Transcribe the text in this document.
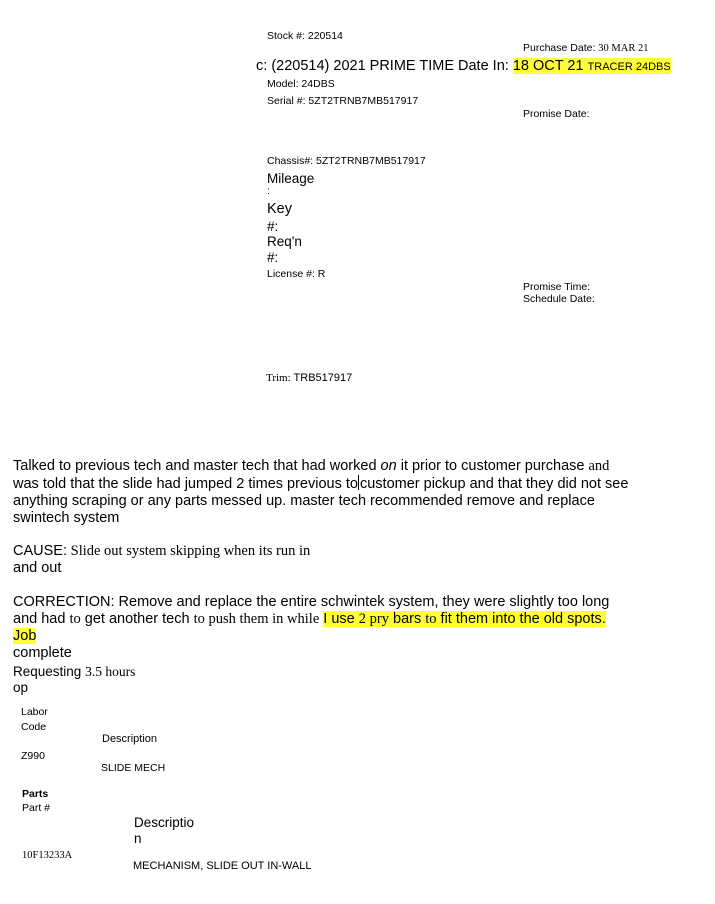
Stock #: 220514
Purchase Date: 30 MAR 21
c: (220514) 2021 PRIME TIME Date In: 18 OCT 21 TRACER 24DBS
Model: 24DBS
Serial #: 5ZT2TRNB7MB517917
Promise Date:
Chassis#: 5ZT2TRNB7MB517917
Mileage
:
Key
#:
Req'n
#:
License #: R
Promise Time:
Schedule Date:
Trim: TRB517917
Talked to previous tech and master tech that had worked on it prior to customer purchase and
was told that the slide had jumped 2 times previous to customer pickup and that they did not see
anything scraping or any parts messed up. master tech recommended remove and replace
swintech system
CAUSE: Slide out system skipping when its run in
and out
CORRECTION: Remove and replace the entire schwintek system, they were slightly too long
and had to get another tech to push them in while I use 2 pry bars to fit them into the old spots.
Job
complete
Requesting 3.5 hours
op
Labor
Code
Description
Z990
SLIDE MECH
Parts
Part #
Descriptio
n
10F13233A
MECHANISM, SLIDE OUT IN-WALL
